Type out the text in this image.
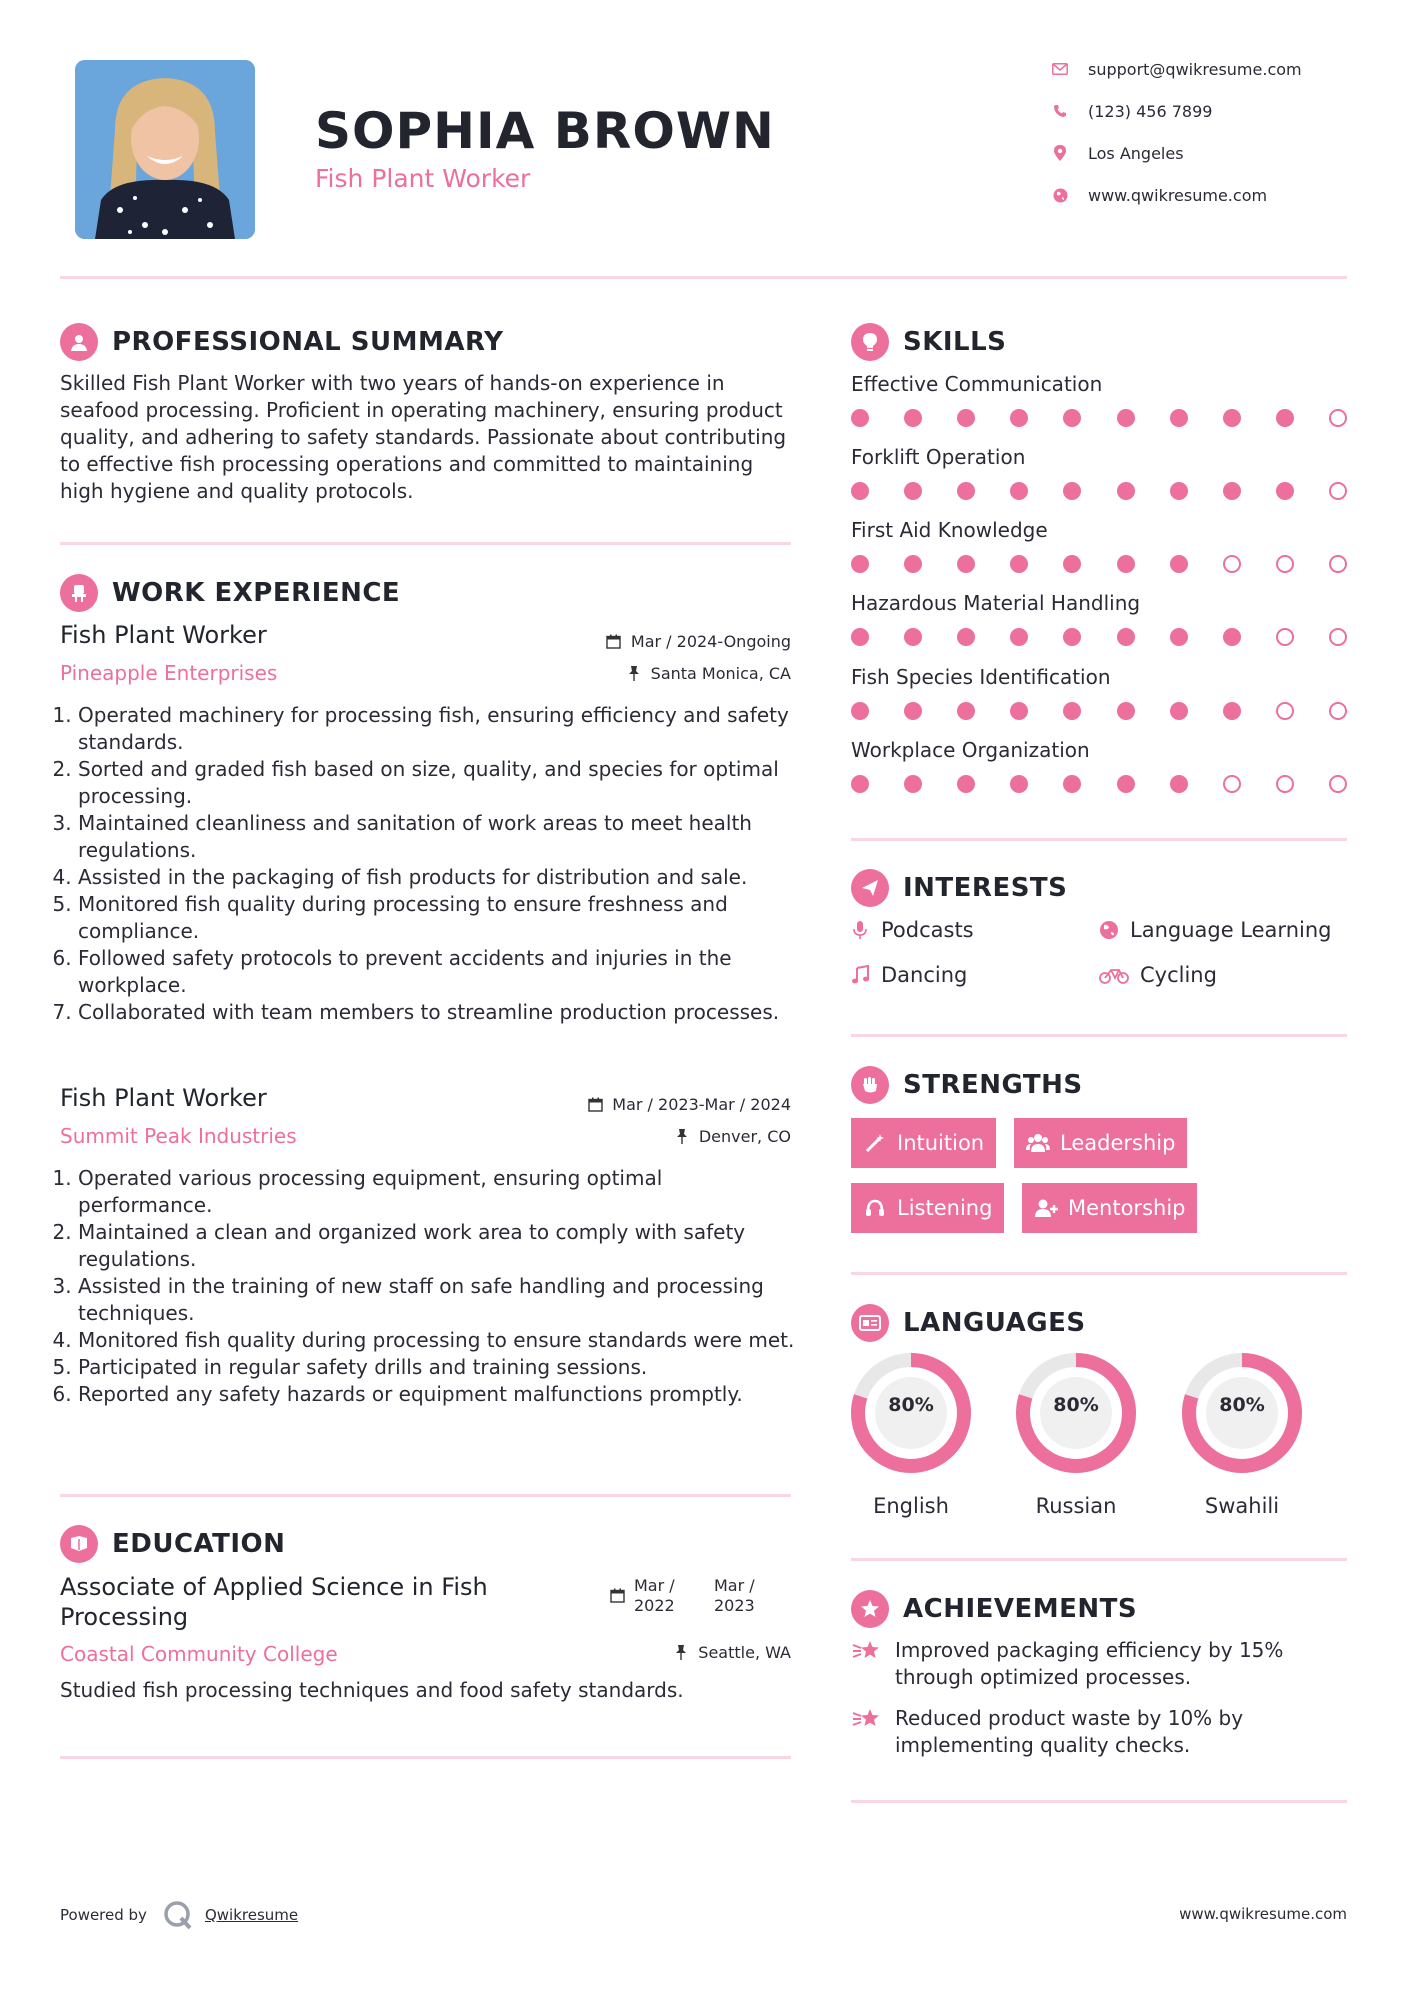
SOPHIA BROWN
Fish Plant Worker
support@qwikresume.com
(123) 456 7899
Los Angeles
www.qwikresume.com
PROFESSIONAL SUMMARY
Skilled Fish Plant Worker with two years of hands-on experience in seafood processing. Proficient in operating machinery, ensuring product quality, and adhering to safety standards. Passionate about contributing to effective fish processing operations and committed to maintaining high hygiene and quality protocols.
WORK EXPERIENCE
Fish Plant Worker	Mar / 2024-Ongoing
Pineapple Enterprises	Santa Monica, CA
1. Operated machinery for processing fish, ensuring efficiency and safety standards.
2. Sorted and graded fish based on size, quality, and species for optimal processing.
3. Maintained cleanliness and sanitation of work areas to meet health regulations.
4. Assisted in the packaging of fish products for distribution and sale.
5. Monitored fish quality during processing to ensure freshness and compliance.
6. Followed safety protocols to prevent accidents and injuries in the workplace.
7. Collaborated with team members to streamline production processes.
Fish Plant Worker	Mar / 2023-Mar / 2024
Summit Peak Industries	Denver, CO
1. Operated various processing equipment, ensuring optimal performance.
2. Maintained a clean and organized work area to comply with safety regulations.
3. Assisted in the training of new staff on safe handling and processing techniques.
4. Monitored fish quality during processing to ensure standards were met.
5. Participated in regular safety drills and training sessions.
6. Reported any safety hazards or equipment malfunctions promptly.
EDUCATION
Associate of Applied Science in Fish Processing
Mar / 2022
Mar / 2023
Coastal Community College	Seattle, WA
Studied fish processing techniques and food safety standards.
SKILLS
Effective Communication
Forklift Operation
First Aid Knowledge
Hazardous Material Handling
Fish Species Identification
Workplace Organization
INTERESTS
Podcasts	Language Learning
Dancing	Cycling
STRENGTHS
Intuition	Leadership
Listening	Mentorship
LANGUAGES
80%
English
80%
Russian
80%
Swahili
ACHIEVEMENTS
Improved packaging efficiency by 15% through optimized processes.
Reduced product waste by 10% by implementing quality checks.
Powered by	Qwikresume	www.qwikresume.com
